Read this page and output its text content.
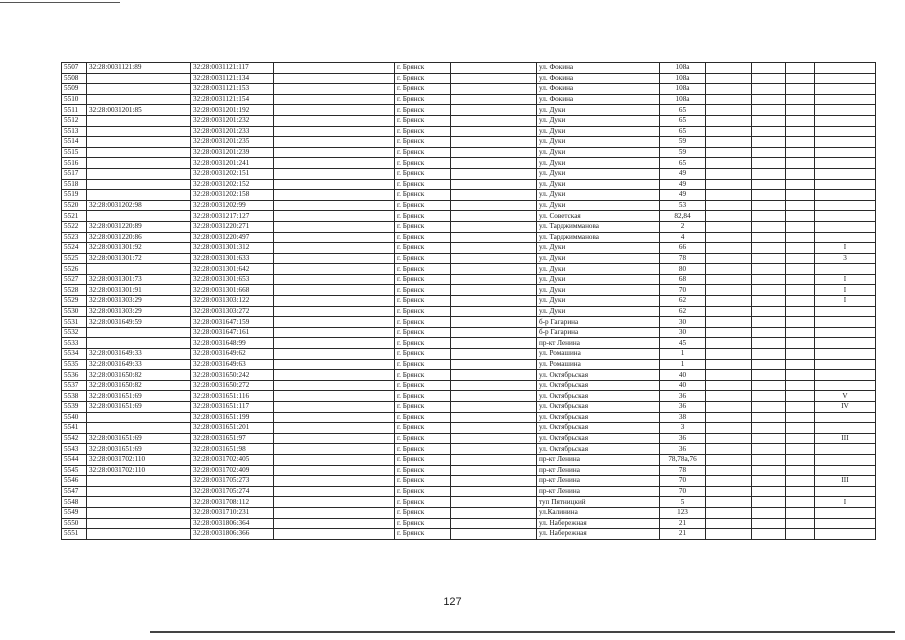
5507	32:28:0031121:89	32:28:0031121:117		г. Брянск		ул. Фокина	108а				
5508		32:28:0031121:134		г. Брянск		ул. Фокина	108а				
5509		32:28:0031121:153		г. Брянск		ул. Фокина	108а				
5510		32:28:0031121:154		г. Брянск		ул. Фокина	108а				
5511	32:28:0031201:85	32:28:0031201:192		г. Брянск		ул. Дуки	65				
5512		32:28:0031201:232		г. Брянск		ул. Дуки	65				
5513		32:28:0031201:233		г. Брянск		ул. Дуки	65				
5514		32:28:0031201:235		г. Брянск		ул. Дуки	59				
5515		32:28:0031201:239		г. Брянск		ул. Дуки	59				
5516		32:28:0031201:241		г. Брянск		ул. Дуки	65				
5517		32:28:0031202:151		г. Брянск		ул. Дуки	49				
5518		32:28:0031202:152		г. Брянск		ул. Дуки	49				
5519		32:28:0031202:158		г. Брянск		ул. Дуки	49				
5520	32:28:0031202:98	32:28:0031202:99		г. Брянск		ул. Дуки	53				
5521		32:28:0031217:127		г. Брянск		ул. Советская	82,84				
5522	32:28:0031220:89	32:28:0031220:271		г. Брянск		ул. Тарджимманова	2				
5523	32:28:0031220:86	32:28:0031220:497		г. Брянск		ул. Тарджимманова	4				
5524	32:28:0031301:92	32:28:0031301:312		г. Брянск		ул. Дуки	66				I
5525	32:28:0031301:72	32:28:0031301:633		г. Брянск		ул. Дуки	78				3
5526		32:28:0031301:642		г. Брянск		ул. Дуки	80				
5527	32:28:0031301:73	32:28:0031301:653		г. Брянск		ул. Дуки	68				I
5528	32:28:0031301:91	32:28:0031301:668		г. Брянск		ул. Дуки	70				I
5529	32:28:0031303:29	32:28:0031303:122		г. Брянск		ул. Дуки	62				I
5530	32:28:0031303:29	32:28:0031303:272		г. Брянск		ул. Дуки	62				
5531	32:28:0031649:59	32:28:0031647:159		г. Брянск		б-р Гагарина	30				
5532		32:28:0031647:161		г. Брянск		б-р Гагарина	30				
5533		32:28:0031648:99		г. Брянск		пр-кт Ленина	45				
5534	32:28:0031649:33	32:28:0031649:62		г. Брянск		ул. Ромашина	1				
5535	32:28:0031649:33	32:28:0031649:63		г. Брянск		ул. Ромашина	1				
5536	32:28:0031650:82	32:28:0031650:242		г. Брянск		ул. Октябрьская	40				
5537	32:28:0031650:82	32:28:0031650:272		г. Брянск		ул. Октябрьская	40				
5538	32:28:0031651:69	32:28:0031651:116		г. Брянск		ул. Октябрьская	36				V
5539	32:28:0031651:69	32:28:0031651:117		г. Брянск		ул. Октябрьская	36				IV
5540		32:28:0031651:199		г. Брянск		ул. Октябрьская	38				
5541		32:28:0031651:201		г. Брянск		ул. Октябрьская	3				
5542	32:28:0031651:69	32:28:0031651:97		г. Брянск		ул. Октябрьская	36				III
5543	32:28:0031651:69	32:28:0031651:98		г. Брянск		ул. Октябрьская	36				
5544	32:28:0031702:110	32:28:0031702:405		г. Брянск		пр-кт Ленина	78,78а,76				
5545	32:28:0031702:110	32:28:0031702:409		г. Брянск		пр-кт Ленина	78				
5546		32:28:0031705:273		г. Брянск		пр-кт Ленина	70				III
5547		32:28:0031705:274		г. Брянск		пр-кт Ленина	70				
5548		32:28:0031708:112		г. Брянск		туп Пятницкий	5				I
5549		32:28:0031710:231		г. Брянск		ул.Калинина	123				
5550		32:28:0031806:364		г. Брянск		ул. Набережная	21				
5551		32:28:0031806:366		г. Брянск		ул. Набережная	21				
127
